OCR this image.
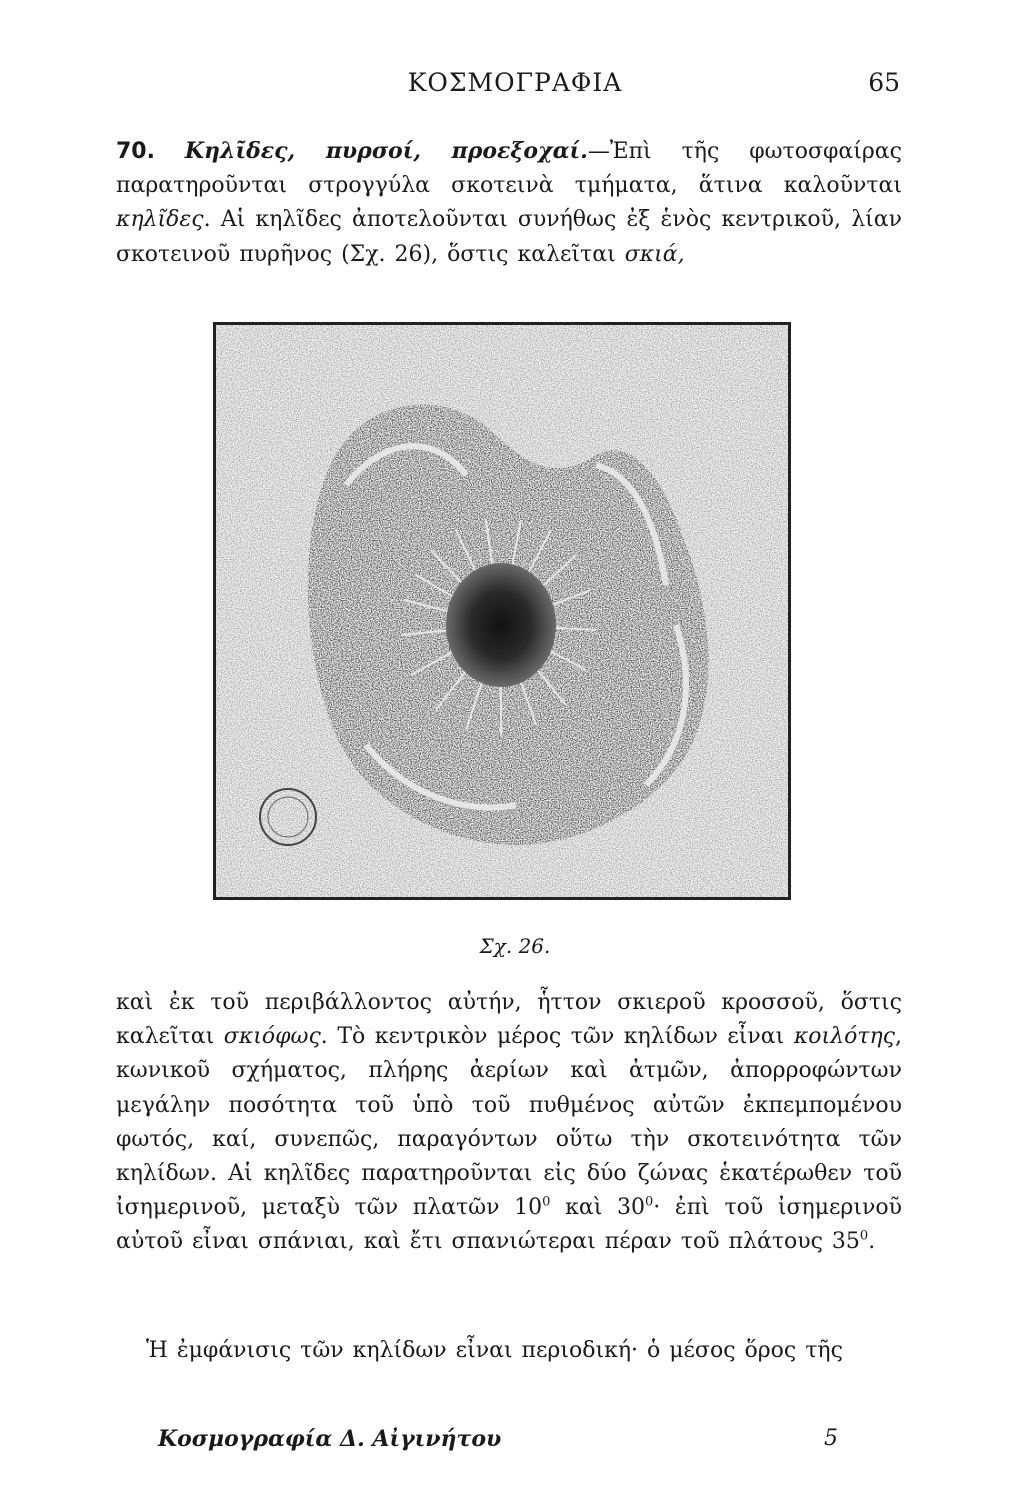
ΚΟΣΜΟΓΡΑΦΙΑ	65

70. Κηλῖδες, πυρσοί, προεξοχαί.—Ἐπὶ τῆς φωτοσφαίρας παρατηροῦνται στρογγύλα σκοτεινὰ τμήματα, ἅτινα καλοῦνται κηλῖδες. Αἱ κηλῖδες ἀποτελοῦνται συνήθως ἐξ ἑνὸς κεντρικοῦ, λίαν σκοτεινοῦ πυρῆνος (Σχ. 26), ὅστις καλεῖται σκιά,

Σχ. 26.

καὶ ἐκ τοῦ περιβάλλοντος αὐτήν, ἧττον σκιεροῦ κροσσοῦ, ὅστις καλεῖται σκιόφως. Τὸ κεντρικὸν μέρος τῶν κηλίδων εἶναι κοιλότης, κωνικοῦ σχήματος, πλήρης ἀερίων καὶ ἀτμῶν, ἀπορροφώντων μεγάλην ποσότητα τοῦ ὑπὸ τοῦ πυθμένος αὐτῶν ἐκπεμπομένου φωτός, καί, συνεπῶς, παραγόντων οὕτω τὴν σκοτεινότητα τῶν κηλίδων. Αἱ κηλῖδες παρατηροῦνται εἰς δύο ζώνας ἑκατέρωθεν τοῦ ἰσημερινοῦ, μεταξὺ τῶν πλατῶν $10^0$ καὶ $30^0\cdot$ ἐπὶ τοῦ ἰσημερινοῦ αὐτοῦ εἶναι σπάνιαι, καὶ ἔτι σπανιώτεραι πέραν τοῦ πλάτους $35^0$.

Ἡ ἐμφάνισις τῶν κηλίδων εἶναι περιοδική· ὁ μέσος ὅρος τῆς

Κοσμογραφία Δ. Αἰγινήτου	5
